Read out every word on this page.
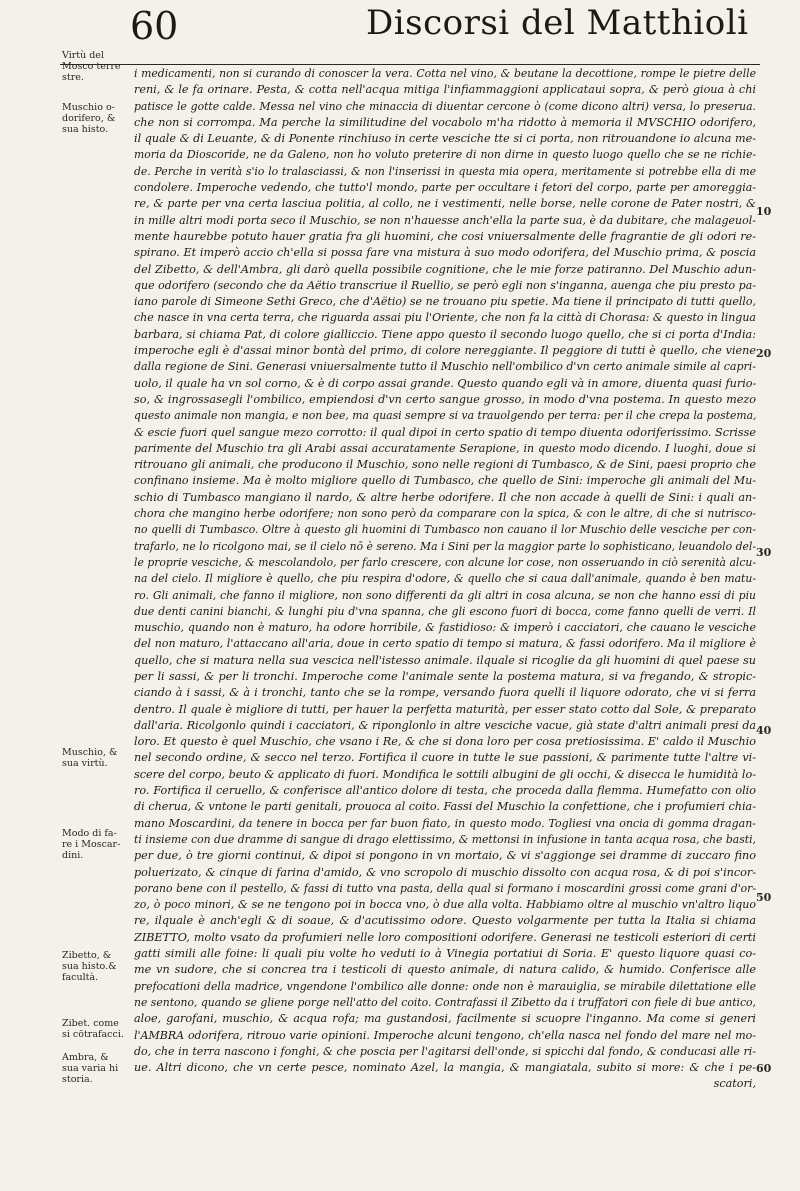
60	Discorsi del Matthioli
Virtù del
Mosco terre
stre.
Muschio o-
dorifero, &
sua histo.
Muschio, &
sua virtù.
Modo di fa-
re i Moscar-
dini.
Zibetto, &
sua histo.&
facultà.
Zibet. come
si cōtrafacci.
Ambra, &
sua varia hi
storia.
10
20
30
40
50
60
i medicamenti, non si curando di conoscer la vera. Cotta nel vino, & beutane la decottione, rompe le pietre delle
reni, & le fa orinare. Pesta, & cotta nell'acqua mitiga l'infiammaggioni applicataui sopra, & però gioua à chi
patisce le gotte calde. Messa nel vino che minaccia di diuentar cercone ò (come dicono altri) versa, lo preserua.
che non si corrompa. Ma perche la similitudine del vocabolo m'ha ridotto à memoria il MVSCHIO odorifero,
il quale & di Leuante, & di Ponente rinchiuso in certe vesciche tte si ci porta, non ritrouandone io alcuna me-
moria da Dioscoride, ne da Galeno, non ho voluto preterire di non dirne in questo luogo quello che se ne richie-
de. Perche in verità s'io lo tralasciassi, & non l'inserissi in questa mia opera, meritamente si potrebbe ella di me
condolere. Imperoche vedendo, che tutto'l mondo, parte per occultare i fetori del corpo, parte per amoreggia-
re, & parte per vna certa lasciua politia, al collo, ne i vestimenti, nelle borse, nelle corone de Pater nostri, &
in mille altri modi porta seco il Muschio, se non n'hauesse anch'ella la parte sua, è da dubitare, che malageuol-
mente haurebbe potuto hauer gratia fra gli huomini, che cosi vniuersalmente delle fragrantie de gli odori re-
spirano. Et imperò accio ch'ella si possa fare vna mistura à suo modo odorifera, del Muschio prima, & poscia
del Zibetto, & dell'Ambra, gli darò quella possibile cognitione, che le mie forze patiranno. Del Muschio adun-
que odorifero (secondo che da Aëtio transcriue il Ruellio, se però egli non s'inganna, auenga che piu presto pa-
iano parole di Simeone Sethi Greco, che d'Aëtio) se ne trouano piu spetie. Ma tiene il principato di tutti quello,
che nasce in vna certa terra, che riguarda assai piu l'Oriente, che non fa la città di Chorasa: & questo in lingua
barbara, si chiama Pat, di colore gialliccio. Tiene appo questo il secondo luogo quello, che si ci porta d'India:
imperoche egli è d'assai minor bontà del primo, di colore nereggiante. Il peggiore di tutti è quello, che viene
dalla regione de Sini. Generasi vniuersalmente tutto il Muschio nell'ombilico d'vn certo animale simile al capri-
uolo, il quale ha vn sol corno, & è di corpo assai grande. Questo quando egli và in amore, diuenta quasi furio-
so, & ingrossasegli l'ombilico, empiendosi d'vn certo sangue grosso, in modo d'vna postema. In questo mezo
questo animale non mangia, e non bee, ma quasi sempre si va trauolgendo per terra: per il che crepa la postema,
& escie fuori quel sangue mezo corrotto: il qual dipoi in certo spatio di tempo diuenta odoriferissimo. Scrisse
parimente del Muschio tra gli Arabi assai accuratamente Serapione, in questo modo dicendo. I luoghi, doue si
ritrouano gli animali, che producono il Muschio, sono nelle regioni di Tumbasco, & de Sini, paesi proprio che
confinano insieme. Ma è molto migliore quello di Tumbasco, che quello de Sini: imperoche gli animali del Mu-
schio di Tumbasco mangiano il nardo, & altre herbe odorifere. Il che non accade à quelli de Sini: i quali an-
chora che mangino herbe odorifere; non sono però da comparare con la spica, & con le altre, di che si nutrisco-
no quelli di Tumbasco. Oltre à questo gli huomini di Tumbasco non cauano il lor Muschio delle vesciche per con-
trafarlo, ne lo ricolgono mai, se il cielo nō è sereno. Ma i Sini per la maggior parte lo sophisticano, leuandolo del-
le proprie vesciche, & mescolandolo, per farlo crescere, con alcune lor cose, non osseruando in ciò serenità alcu-
na del cielo. Il migliore è quello, che piu respira d'odore, & quello che si caua dall'animale, quando è ben matu-
ro. Gli animali, che fanno il migliore, non sono differenti da gli altri in cosa alcuna, se non che hanno essi di piu
due denti canini bianchi, & lunghi piu d'vna spanna, che gli escono fuori di bocca, come fanno quelli de verri. Il
muschio, quando non è maturo, ha odore horribile, & fastidioso: & imperò i cacciatori, che cauano le vesciche
del non maturo, l'attaccano all'aria, doue in certo spatio di tempo si matura, & fassi odorifero. Ma il migliore è
quello, che si matura nella sua vescica nell'istesso animale. ilquale si ricoglie da gli huomini di quel paese su
per li sassi, & per li tronchi. Imperoche come l'animale sente la postema matura, si va fregando, & stropic-
ciando à i sassi, & à i tronchi, tanto che se la rompe, versando fuora quelli il liquore odorato, che vi si ferra
dentro. Il quale è migliore di tutti, per hauer la perfetta maturità, per esser stato cotto dal Sole, & preparato
dall'aria. Ricolgonlo quindi i cacciatori, & riponglonlo in altre vesciche vacue, già state d'altri animali presi da
loro. Et questo è quel Muschio, che vsano i Re, & che si dona loro per cosa pretiosissima. E' caldo il Muschio
nel secondo ordine, & secco nel terzo. Fortifica il cuore in tutte le sue passioni, & parimente tutte l'altre vi-
scere del corpo, beuto & applicato di fuori. Mondifica le sottili albugini de gli occhi, & disecca le humidità lo-
ro. Fortifica il ceruello, & conferisce all'antico dolore di testa, che proceda dalla flemma. Humefatto con olio
di cherua, & vntone le parti genitali, prouoca al coito. Fassi del Muschio la confettione, che i profumieri chia-
mano Moscardini, da tenere in bocca per far buon fiato, in questo modo. Togliesi vna oncia di gomma dragan-
ti insieme con due dramme di sangue di drago elettissimo, & mettonsi in infusione in tanta acqua rosa, che basti,
per due, ò tre giorni continui, & dipoi si pongono in vn mortaio, & vi s'aggionge sei dramme di zuccaro fino
poluerizato, & cinque di farina d'amido, & vno scropolo di muschio dissolto con acqua rosa, & di poi s'incor-
porano bene con il pestello, & fassi di tutto vna pasta, della qual si formano i moscardini grossi come grani d'or-
zo, ò poco minori, & se ne tengono poi in bocca vno, ò due alla volta. Habbiamo oltre al muschio vn'altro liquo
re, ilquale è anch'egli & di soaue, & d'acutissimo odore. Questo volgarmente per tutta la Italia si chiama
ZIBETTO, molto vsato da profumieri nelle loro compositioni odorifere. Generasi ne testicoli esteriori di certi
gatti simili alle foine: li quali piu volte ho veduti io à Vinegia portatiui di Soria. E' questo liquore quasi co-
me vn sudore, che si concrea tra i testicoli di questo animale, di natura calido, & humido. Conferisce alle
prefocationi della madrice, vngendone l'ombilico alle donne: onde non è marauiglia, se mirabile dilettatione elle
ne sentono, quando se gliene porge nell'atto del coito. Contrafassi il Zibetto da i truffatori con fiele di bue antico,
aloe, garofani, muschio, & acqua rofa; ma gustandosi, facilmente si scuopre l'inganno. Ma come si generi
l'AMBRA odorifera, ritrouo varie opinioni. Imperoche alcuni tengono, ch'ella nasca nel fondo del mare nel mo-
do, che in terra nascono i fonghi, & che poscia per l'agitarsi dell'onde, si spicchi dal fondo, & conducasi alle ri-
ue. Altri dicono, che vn certe pesce, nominato Azel, la mangia, & mangiatala, subito si more: & che i pe-
scatori,
